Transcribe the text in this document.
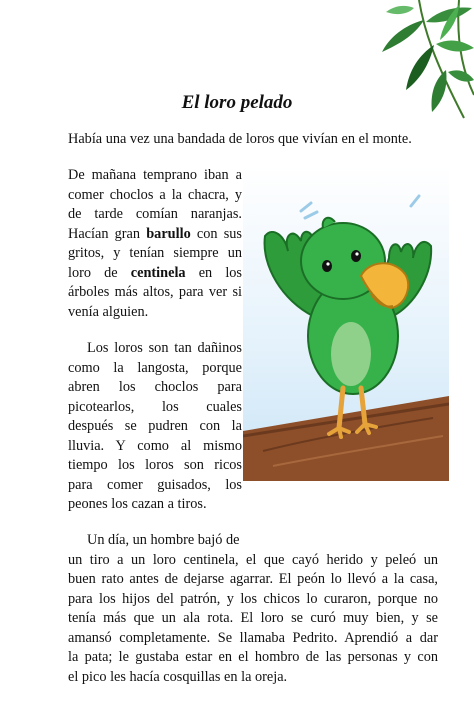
El loro pelado

Había una vez una bandada de loros que vivían en el monte.

De mañana temprano iban a

comer choclos a la chacra, y

de tarde comían naranjas.

Hacían gran barullo con sus

gritos, y tenían siempre un

loro de centinela en los

árboles más altos, para ver si

venía alguien.

Los loros son tan dañinos

como la langosta, porque

abren los choclos para

picotearlos, los cuales

después se pudren con la

lluvia. Y como al mismo

tiempo los loros son ricos

para comer guisados, los

peones los cazan a tiros.

Un día, un hombre bajó de

un tiro a un loro centinela, el que cayó herido y peleó un

buen rato antes de dejarse agarrar. El peón lo llevó a la casa,

para los hijos del patrón, y los chicos lo curaron, porque no

tenía más que un ala rota. El loro se curó muy bien, y se

amansó completamente. Se llamaba Pedrito. Aprendió a dar

la pata; le gustaba estar en el hombro de las personas y con

el pico les hacía cosquillas en la oreja.
